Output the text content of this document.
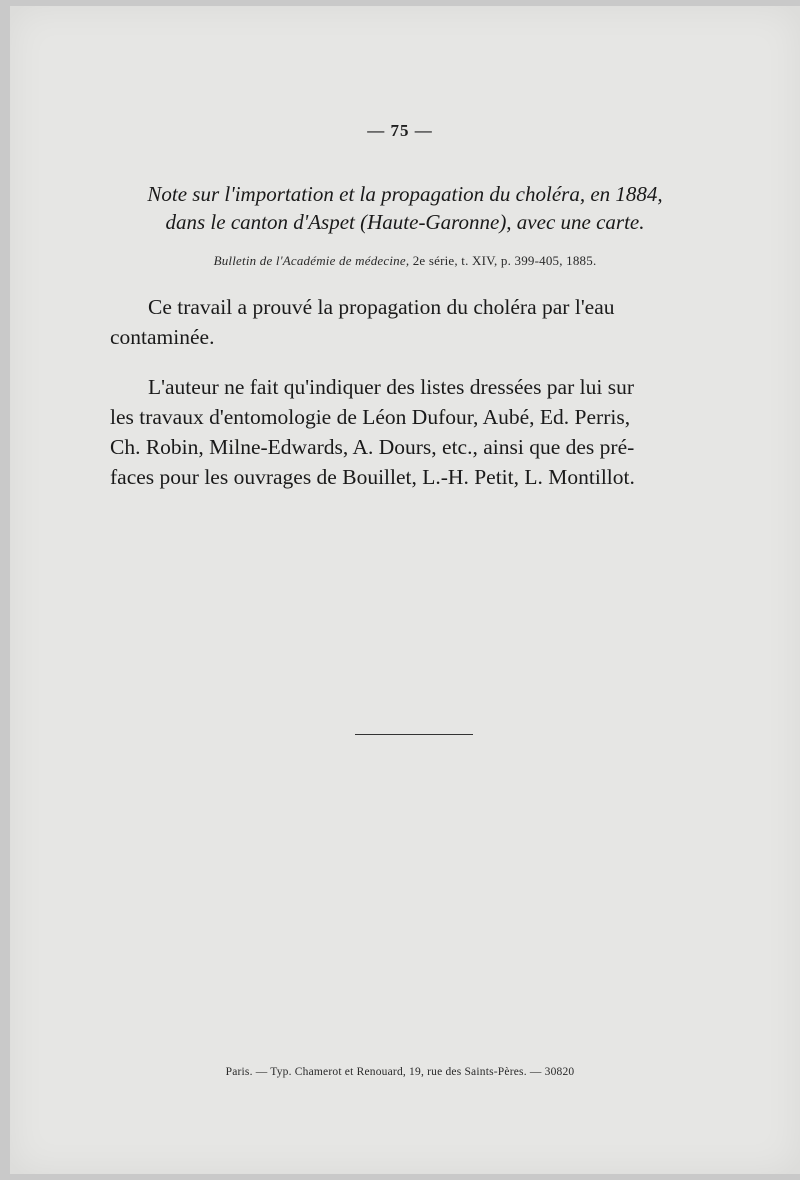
— 75 —
Note sur l'importation et la propagation du choléra, en 1884,
dans le canton d'Aspet (Haute-Garonne), avec une carte.
Bulletin de l'Académie de médecine, 2e série, t. XIV, p. 399-405, 1885.
Ce travail a prouvé la propagation du choléra par l'eau
contaminée.
L'auteur ne fait qu'indiquer des listes dressées par lui sur
les travaux d'entomologie de Léon Dufour, Aubé, Ed. Perris,
Ch. Robin, Milne-Edwards, A. Dours, etc., ainsi que des pré-
faces pour les ouvrages de Bouillet, L.-H. Petit, L. Montillot.
Paris. — Typ. Chamerot et Renouard, 19, rue des Saints-Pères. — 30820
